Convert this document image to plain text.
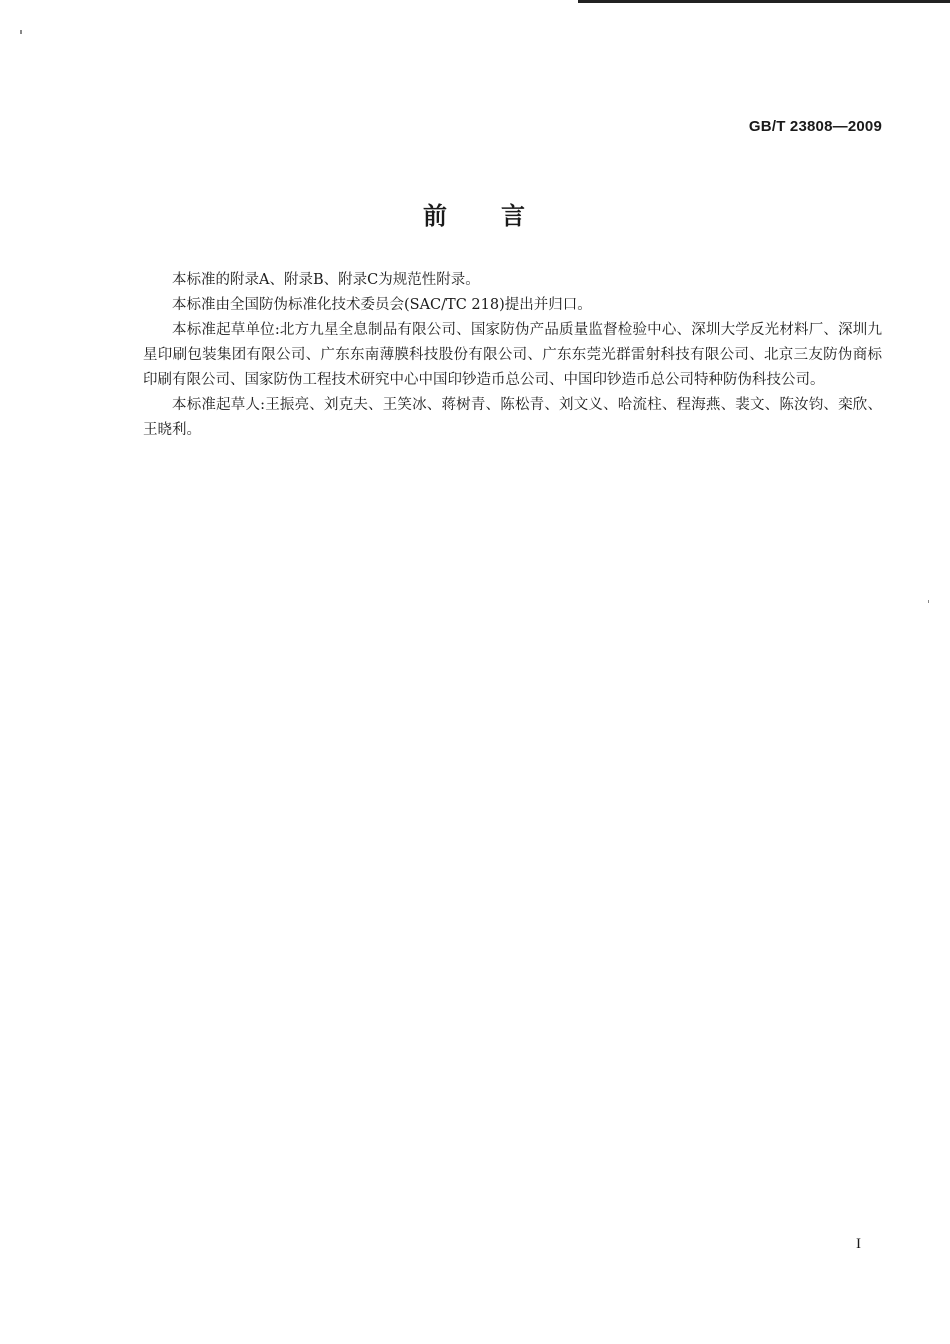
GB/T 23808—2009
前 言

本标准的附录A、附录B、附录C为规范性附录。

本标准由全国防伪标准化技术委员会(SAC/TC 218)提出并归口。

本标准起草单位:北方九星全息制品有限公司、国家防伪产品质量监督检验中心、深圳大学反光材料厂、深圳九星印刷包装集团有限公司、广东东南薄膜科技股份有限公司、广东东莞光群雷射科技有限公司、北京三友防伪商标印刷有限公司、国家防伪工程技术研究中心中国印钞造币总公司、中国印钞造币总公司特种防伪科技公司。

本标准起草人:王振亮、刘克夫、王笑冰、蒋树青、陈松青、刘文义、哈流柱、程海燕、裴文、陈汝钧、栾欣、王晓利。

I
